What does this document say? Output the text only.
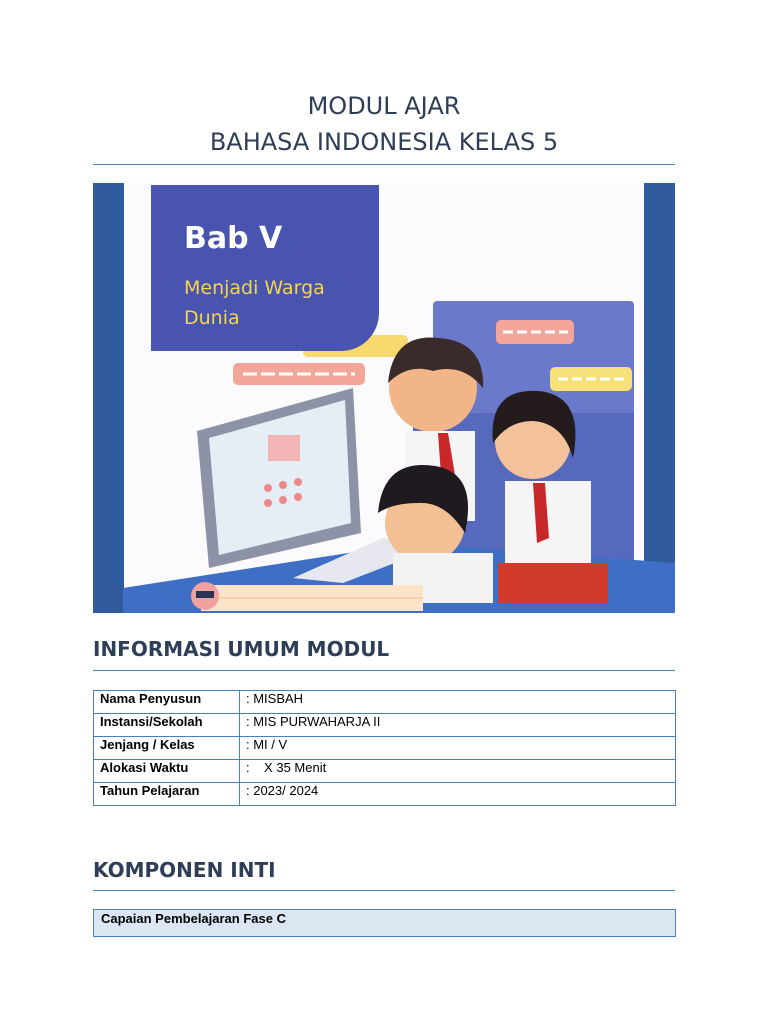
MODUL AJAR
BAHASA INDONESIA KELAS 5
Bab V
Menjadi Warga Dunia
INFORMASI UMUM MODUL
Nama Penyusun	: MISBAH
Instansi/Sekolah	: MIS PURWAHARJA II
Jenjang / Kelas	: MI / V
Alokasi Waktu	:    X 35 Menit
Tahun Pelajaran	: 2023/ 2024
KOMPONEN INTI
Capaian Pembelajaran Fase C
